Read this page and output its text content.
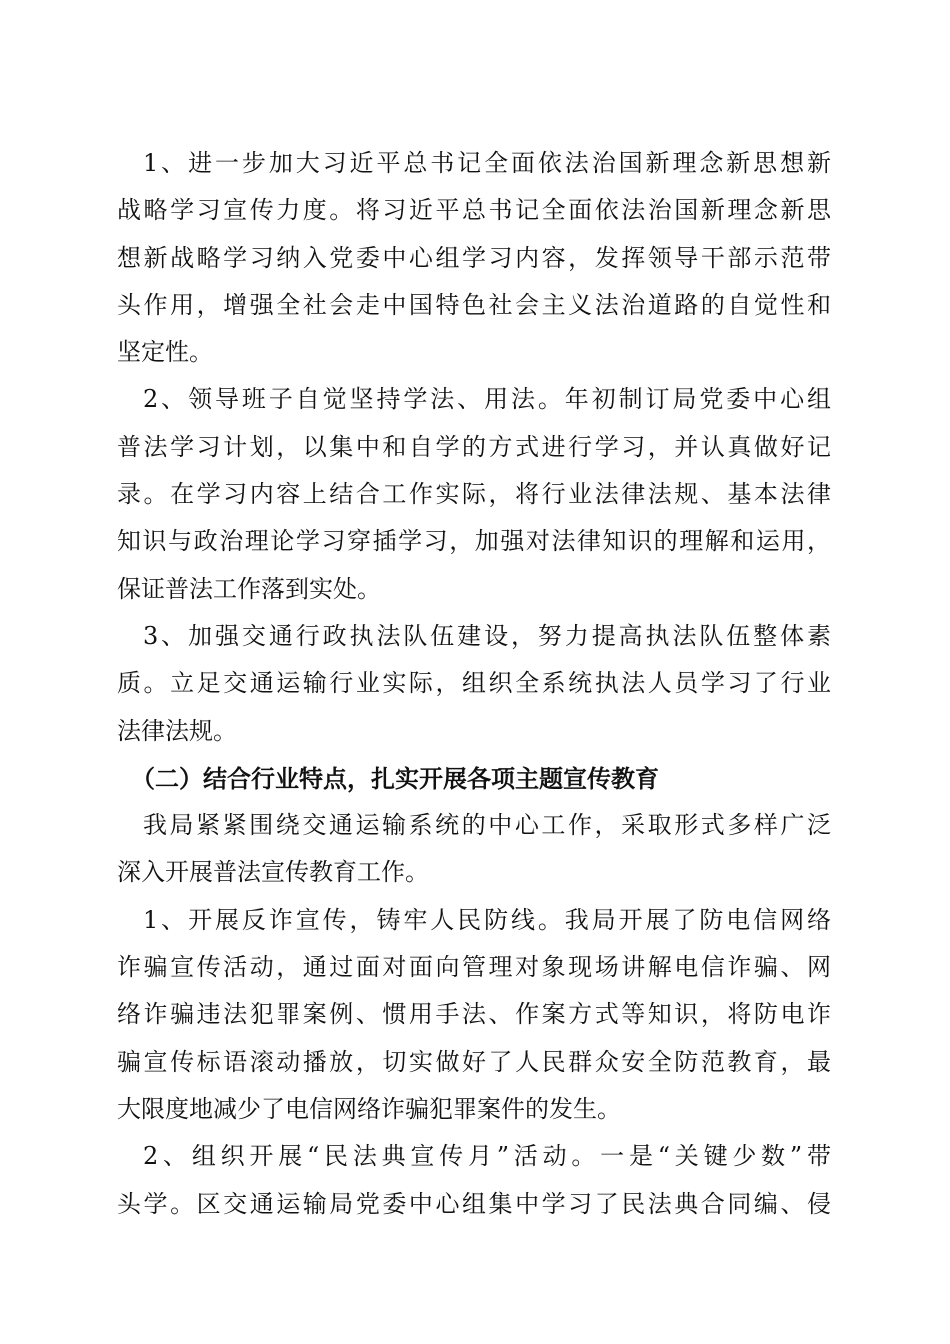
1、进一步加大习近平总书记全面依法治国新理念新思想新
战略学习宣传力度。将习近平总书记全面依法治国新理念新思
想新战略学习纳入党委中心组学习内容，发挥领导干部示范带
头作用，增强全社会走中国特色社会主义法治道路的自觉性和
坚定性。
2、领导班子自觉坚持学法、用法。年初制订局党委中心组
普法学习计划，以集中和自学的方式进行学习，并认真做好记
录。在学习内容上结合工作实际，将行业法律法规、基本法律
知识与政治理论学习穿插学习，加强对法律知识的理解和运用，
保证普法工作落到实处。
3、加强交通行政执法队伍建设，努力提高执法队伍整体素
质。立足交通运输行业实际，组织全系统执法人员学习了行业
法律法规。
（二）结合行业特点，扎实开展各项主题宣传教育
我局紧紧围绕交通运输系统的中心工作，采取形式多样广泛
深入开展普法宣传教育工作。
1、开展反诈宣传，铸牢人民防线。我局开展了防电信网络
诈骗宣传活动，通过面对面向管理对象现场讲解电信诈骗、网
络诈骗违法犯罪案例、惯用手法、作案方式等知识，将防电诈
骗宣传标语滚动播放，切实做好了人民群众安全防范教育，最
大限度地减少了电信网络诈骗犯罪案件的发生。
2、组织开展“民法典宣传月”活动。一是“关键少数”带
头学。区交通运输局党委中心组集中学习了民法典合同编、侵
